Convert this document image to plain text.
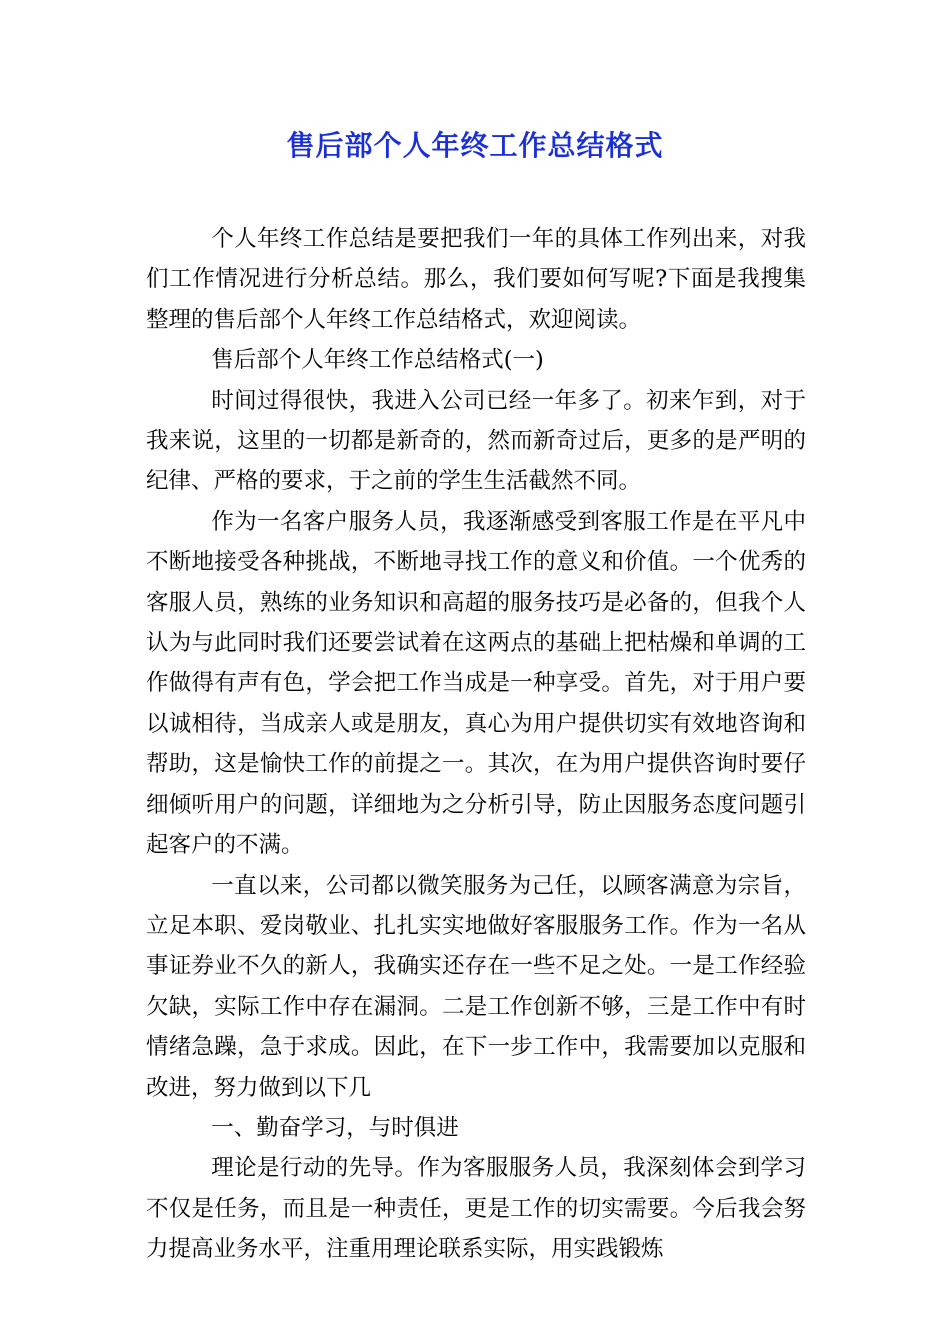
售后部个人年终工作总结格式

个人年终工作总结是要把我们一年的具体工作列出来，对我们工作情况进行分析总结。那么，我们要如何写呢?下面是我搜集整理的售后部个人年终工作总结格式，欢迎阅读。

售后部个人年终工作总结格式(一)

时间过得很快，我进入公司已经一年多了。初来乍到，对于我来说，这里的一切都是新奇的，然而新奇过后，更多的是严明的纪律、严格的要求，于之前的学生生活截然不同。

作为一名客户服务人员，我逐渐感受到客服工作是在平凡中不断地接受各种挑战，不断地寻找工作的意义和价值。一个优秀的客服人员，熟练的业务知识和高超的服务技巧是必备的，但我个人认为与此同时我们还要尝试着在这两点的基础上把枯燥和单调的工作做得有声有色，学会把工作当成是一种享受。首先，对于用户要以诚相待，当成亲人或是朋友，真心为用户提供切实有效地咨询和帮助，这是愉快工作的前提之一。其次，在为用户提供咨询时要仔细倾听用户的问题，详细地为之分析引导，防止因服务态度问题引起客户的不满。

一直以来，公司都以微笑服务为己任，以顾客满意为宗旨，立足本职、爱岗敬业、扎扎实实地做好客服服务工作。作为一名从事证券业不久的新人，我确实还存在一些不足之处。一是工作经验欠缺，实际工作中存在漏洞。二是工作创新不够，三是工作中有时情绪急躁，急于求成。因此，在下一步工作中，我需要加以克服和改进，努力做到以下几

一、勤奋学习，与时俱进

理论是行动的先导。作为客服服务人员，我深刻体会到学习不仅是任务，而且是一种责任，更是工作的切实需要。今后我会努力提高业务水平，注重用理论联系实际，用实践锻炼
